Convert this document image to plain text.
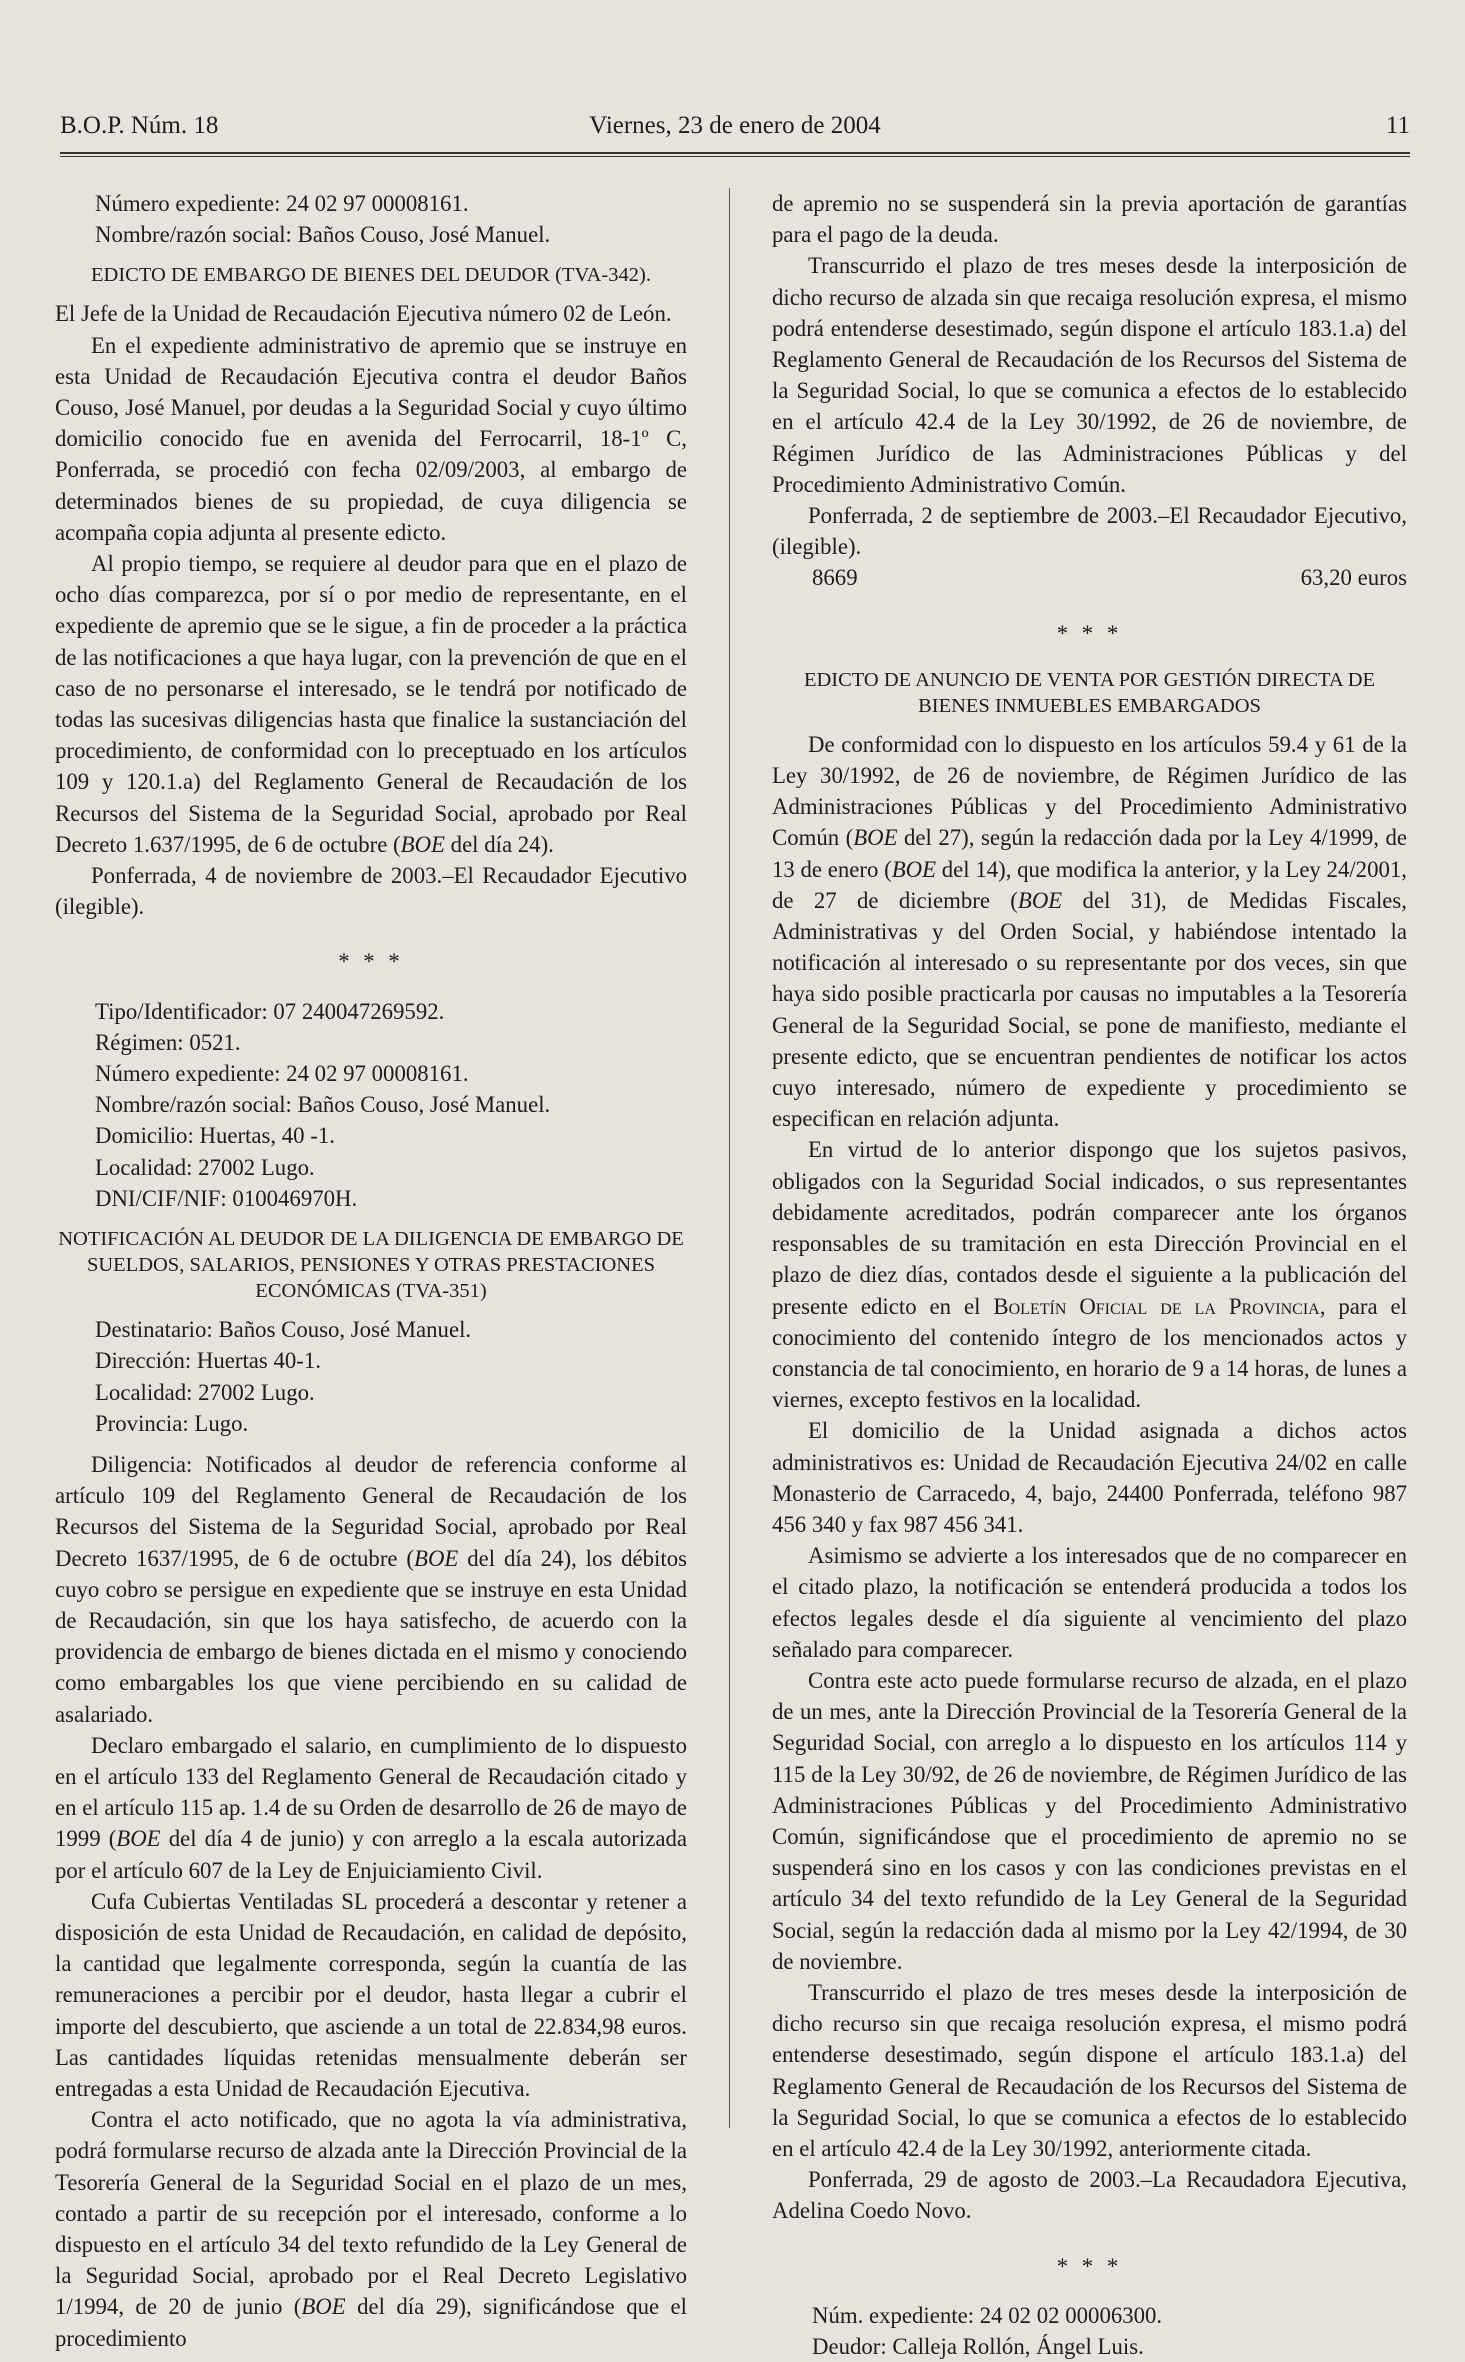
B.O.P. Núm. 18	Viernes, 23 de enero de 2004	11

Número expediente: 24 02 97 00008161.

Nombre/razón social: Baños Couso, José Manuel.

EDICTO DE EMBARGO DE BIENES DEL DEUDOR (TVA-342).

El Jefe de la Unidad de Recaudación Ejecutiva número 02 de León.

En el expediente administrativo de apremio que se instruye en esta Unidad de Recaudación Ejecutiva contra el deudor Baños Couso, José Manuel, por deudas a la Seguridad Social y cuyo último domicilio conocido fue en avenida del Ferrocarril, 18-1º C, Ponferrada, se procedió con fecha 02/09/2003, al embargo de determinados bienes de su propiedad, de cuya diligencia se acompaña copia adjunta al presente edicto.

Al propio tiempo, se requiere al deudor para que en el plazo de ocho días comparezca, por sí o por medio de representante, en el expediente de apremio que se le sigue, a fin de proceder a la práctica de las notificaciones a que haya lugar, con la prevención de que en el caso de no personarse el interesado, se le tendrá por notificado de todas las sucesivas diligencias hasta que finalice la sustanciación del procedimiento, de conformidad con lo preceptuado en los artículos 109 y 120.1.a) del Reglamento General de Recaudación de los Recursos del Sistema de la Seguridad Social, aprobado por Real Decreto 1.637/1995, de 6 de octubre (BOE del día 24).

Ponferrada, 4 de noviembre de 2003.–El Recaudador Ejecutivo (ilegible).

* * *

Tipo/Identificador: 07 240047269592.

Régimen: 0521.

Número expediente: 24 02 97 00008161.

Nombre/razón social: Baños Couso, José Manuel.

Domicilio: Huertas, 40 -1.

Localidad: 27002 Lugo.

DNI/CIF/NIF: 010046970H.

NOTIFICACIÓN AL DEUDOR DE LA DILIGENCIA DE EMBARGO DE SUELDOS, SALARIOS, PENSIONES Y OTRAS PRESTACIONES ECONÓMICAS (TVA-351)

Destinatario: Baños Couso, José Manuel.

Dirección: Huertas 40-1.

Localidad: 27002 Lugo.

Provincia: Lugo.

Diligencia: Notificados al deudor de referencia conforme al artículo 109 del Reglamento General de Recaudación de los Recursos del Sistema de la Seguridad Social, aprobado por Real Decreto 1637/1995, de 6 de octubre (BOE del día 24), los débitos cuyo cobro se persigue en expediente que se instruye en esta Unidad de Recaudación, sin que los haya satisfecho, de acuerdo con la providencia de embargo de bienes dictada en el mismo y conociendo como embargables los que viene percibiendo en su calidad de asalariado.

Declaro embargado el salario, en cumplimiento de lo dispuesto en el artículo 133 del Reglamento General de Recaudación citado y en el artículo 115 ap. 1.4 de su Orden de desarrollo de 26 de mayo de 1999 (BOE del día 4 de junio) y con arreglo a la escala autorizada por el artículo 607 de la Ley de Enjuiciamiento Civil.

Cufa Cubiertas Ventiladas SL procederá a descontar y retener a disposición de esta Unidad de Recaudación, en calidad de depósito, la cantidad que legalmente corresponda, según la cuantía de las remuneraciones a percibir por el deudor, hasta llegar a cubrir el importe del descubierto, que asciende a un total de 22.834,98 euros. Las cantidades líquidas retenidas mensualmente deberán ser entregadas a esta Unidad de Recaudación Ejecutiva.

Contra el acto notificado, que no agota la vía administrativa, podrá formularse recurso de alzada ante la Dirección Provincial de la Tesorería General de la Seguridad Social en el plazo de un mes, contado a partir de su recepción por el interesado, conforme a lo dispuesto en el artículo 34 del texto refundido de la Ley General de la Seguridad Social, aprobado por el Real Decreto Legislativo 1/1994, de 20 de junio (BOE del día 29), significándose que el procedimiento

de apremio no se suspenderá sin la previa aportación de garantías para el pago de la deuda.

Transcurrido el plazo de tres meses desde la interposición de dicho recurso de alzada sin que recaiga resolución expresa, el mismo podrá entenderse desestimado, según dispone el artículo 183.1.a) del Reglamento General de Recaudación de los Recursos del Sistema de la Seguridad Social, lo que se comunica a efectos de lo establecido en el artículo 42.4 de la Ley 30/1992, de 26 de noviembre, de Régimen Jurídico de las Administraciones Públicas y del Procedimiento Administrativo Común.

Ponferrada, 2 de septiembre de 2003.–El Recaudador Ejecutivo, (ilegible).

8669	63,20 euros

* * *

EDICTO DE ANUNCIO DE VENTA POR GESTIÓN DIRECTA DE BIENES INMUEBLES EMBARGADOS

De conformidad con lo dispuesto en los artículos 59.4 y 61 de la Ley 30/1992, de 26 de noviembre, de Régimen Jurídico de las Administraciones Públicas y del Procedimiento Administrativo Común (BOE del 27), según la redacción dada por la Ley 4/1999, de 13 de enero (BOE del 14), que modifica la anterior, y la Ley 24/2001, de 27 de diciembre (BOE del 31), de Medidas Fiscales, Administrativas y del Orden Social, y habiéndose intentado la notificación al interesado o su representante por dos veces, sin que haya sido posible practicarla por causas no imputables a la Tesorería General de la Seguridad Social, se pone de manifiesto, mediante el presente edicto, que se encuentran pendientes de notificar los actos cuyo interesado, número de expediente y procedimiento se especifican en relación adjunta.

En virtud de lo anterior dispongo que los sujetos pasivos, obligados con la Seguridad Social indicados, o sus representantes debidamente acreditados, podrán comparecer ante los órganos responsables de su tramitación en esta Dirección Provincial en el plazo de diez días, contados desde el siguiente a la publicación del presente edicto en el Boletín Oficial de la Provincia, para el conocimiento del contenido íntegro de los mencionados actos y constancia de tal conocimiento, en horario de 9 a 14 horas, de lunes a viernes, excepto festivos en la localidad.

El domicilio de la Unidad asignada a dichos actos administrativos es: Unidad de Recaudación Ejecutiva 24/02 en calle Monasterio de Carracedo, 4, bajo, 24400 Ponferrada, teléfono 987 456 340 y fax 987 456 341.

Asimismo se advierte a los interesados que de no comparecer en el citado plazo, la notificación se entenderá producida a todos los efectos legales desde el día siguiente al vencimiento del plazo señalado para comparecer.

Contra este acto puede formularse recurso de alzada, en el plazo de un mes, ante la Dirección Provincial de la Tesorería General de la Seguridad Social, con arreglo a lo dispuesto en los artículos 114 y 115 de la Ley 30/92, de 26 de noviembre, de Régimen Jurídico de las Administraciones Públicas y del Procedimiento Administrativo Común, significándose que el procedimiento de apremio no se suspenderá sino en los casos y con las condiciones previstas en el artículo 34 del texto refundido de la Ley General de la Seguridad Social, según la redacción dada al mismo por la Ley 42/1994, de 30 de noviembre.

Transcurrido el plazo de tres meses desde la interposición de dicho recurso sin que recaiga resolución expresa, el mismo podrá entenderse desestimado, según dispone el artículo 183.1.a) del Reglamento General de Recaudación de los Recursos del Sistema de la Seguridad Social, lo que se comunica a efectos de lo establecido en el artículo 42.4 de la Ley 30/1992, anteriormente citada.

Ponferrada, 29 de agosto de 2003.–La Recaudadora Ejecutiva, Adelina Coedo Novo.

* * *

Núm. expediente: 24 02 02 00006300.

Deudor: Calleja Rollón, Ángel Luis.
